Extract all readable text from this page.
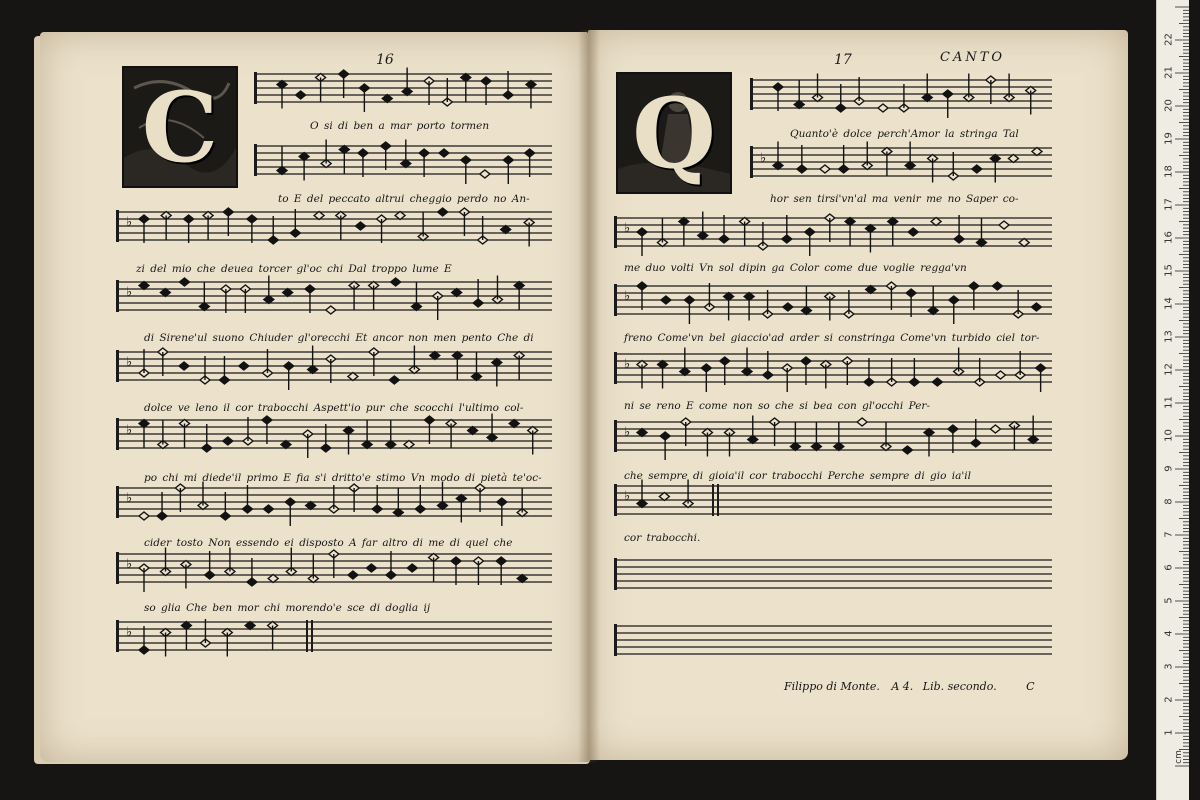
16
C
♭
♭
♭
♭
♭
♭
♭
O si di ben a mar porto tormen
to E del peccato altrui cheggio perdo no An-
zi del mio che deuea torcer gl'oc chi Dal troppo lume E
di Sirene'ul suono Chiuder gl'orecchi Et ancor non men pento Che di
dolce ve leno il cor trabocchi Aspett'io pur che scocchi l'ultimo col-
po chi mi diede'il primo E fia s'i dritto'e stimo Vn modo di pietà te'oc-
cider tosto Non essendo ei disposto A far altro di me di quel che
so glia Che ben mor chi morendo'e sce di doglia ij
17	CANTO
Q	♭
♭
♭
♭
♭
♭
Quanto'è dolce perch'Amor la stringa Tal
hor sen tirsi'vn'al ma venir me no Saper co-
me duo volti Vn sol dipin ga Color come due voglie regga'vn
freno Come'vn bel giaccio'ad arder si constringa Come'vn turbido ciel tor-
ni se reno E come non so che si bea con gl'occhi Per-
che sempre di gioia'il cor trabocchi Perche sempre di gio ia'il
cor trabocchi.
Filippo di Monte. A 4. Lib. secondo.	C
1
2
3
4
5
6
7
8
9
10
11
12
13
14
15
16
17
18
19
20
21
22
cm
